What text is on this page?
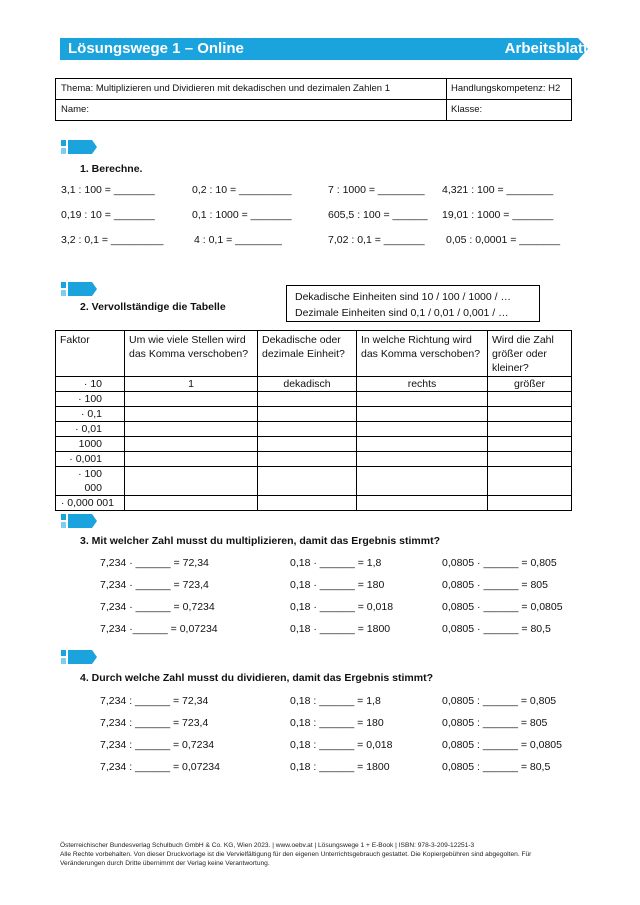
Lösungswege 1 – Online	Arbeitsblatt
Thema: Multiplizieren und Dividieren mit dekadischen und dezimalen Zahlen 1	Handlungskompetenz: H2
Name:	Klasse:
1. Berechne.
3,1 : 100 = _______	0,2 : 10 = _________	7 : 1000 = ________ 4,321 : 100 = ________
0,19 : 10 = _______	0,1 : 1000 = _______	605,5 : 100 = ______ 19,01 : 1000 = _______
3,2 : 0,1 = _________	4 : 0,1 = ________	7,02 : 0,1 = _______ 0,05 : 0,0001 = _______
2. Vervollständige die Tabelle
Dekadische Einheiten sind 10 / 100 / 1000 / …
Dezimale Einheiten sind 0,1 / 0,01 / 0,001 / …
Faktor	Um wie viele Stellen wird das Komma verschoben?	Dekadische oder dezimale Einheit?	In welche Richtung wird das Komma verschoben?	Wird die Zahl größer oder kleiner?
· 10	1	dekadisch	rechts	größer
· 100				
· 0,1				
· 0,01				
1000				
· 0,001				
· 100 000				
· 0,000 001				
3. Mit welcher Zahl musst du multiplizieren, damit das Ergebnis stimmt?
7,234 · ______ = 72,34	0,18 · ______ = 1,8	0,0805 · ______ = 0,805
7,234 · ______ = 723,4	0,18 · ______ = 180	0,0805 · ______ = 805
7,234 · ______ = 0,7234	0,18 · ______ = 0,018	0,0805 · ______ = 0,0805
7,234 ·______ = 0,07234	0,18 · ______ = 1800	0,0805 · ______ = 80,5
4. Durch welche Zahl musst du dividieren, damit das Ergebnis stimmt?
7,234 : ______ = 72,34	0,18 : ______ = 1,8	0,0805 : ______ = 0,805
7,234 : ______ = 723,4	0,18 : ______ = 180	0,0805 : ______ = 805
7,234 : ______ = 0,7234	0,18 : ______ = 0,018	0,0805 : ______ = 0,0805
7,234 : ______ = 0,07234	0,18 : ______ = 1800	0,0805 : ______ = 80,5
Österreichischer Bundesverlag Schulbuch GmbH & Co. KG, Wien 2023. | www.oebv.at | Lösungswege 1 + E-Book | ISBN: 978-3-209-12251-3
Alle Rechte vorbehalten. Von dieser Druckvorlage ist die Vervielfältigung für den eigenen Unterrichtsgebrauch gestattet. Die Kopiergebühren sind abgegolten. Für
Veränderungen durch Dritte übernimmt der Verlag keine Verantwortung.
